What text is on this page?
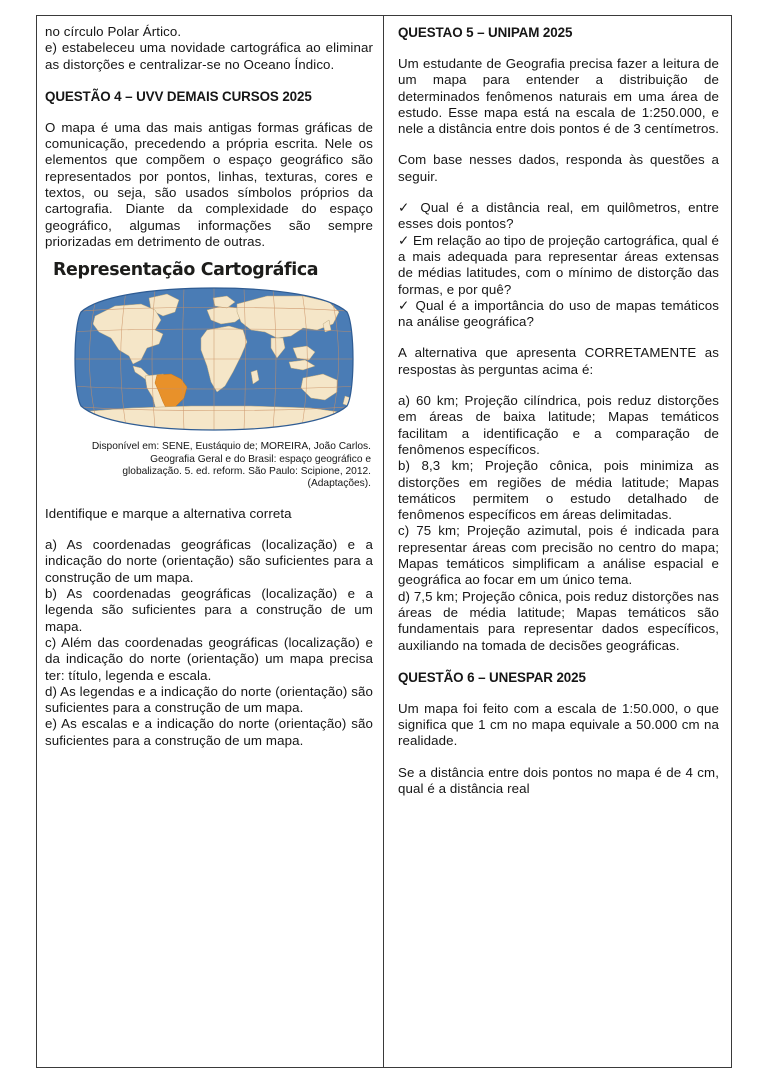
no círculo Polar Ártico.

e) estabeleceu uma novidade cartográfica ao eliminar as distorções e centralizar-se no Oceano Índico.

QUESTÃO 4 – UVV DEMAIS CURSOS 2025

O mapa é uma das mais antigas formas gráficas de comunicação, precedendo a própria escrita. Nele os elementos que compõem o espaço geográfico são representados por pontos, linhas, texturas, cores e textos, ou seja, são usados símbolos próprios da cartografia. Diante da complexidade do espaço geográfico, algumas informações são sempre priorizadas em detrimento de outras.

Representação Cartográfica
Disponível em: SENE, Eustáquio de; MOREIRA, João Carlos.
Geografia Geral e do Brasil: espaço geográfico e
globalização. 5. ed. reform. São Paulo: Scipione, 2012.
(Adaptações).

Identifique e marque a alternativa correta

a) As coordenadas geográficas (localização) e a indicação do norte (orientação) são suficientes para a construção de um mapa.

b) As coordenadas geográficas (localização) e a legenda são suficientes para a construção de um mapa.

c) Além das coordenadas geográficas (localização) e da indicação do norte (orientação) um mapa precisa ter: título, legenda e escala.

d) As legendas e a indicação do norte (orientação) são suficientes para a construção de um mapa.

e) As escalas e a indicação do norte (orientação) são suficientes para a construção de um mapa.

QUESTAO 5 – UNIPAM 2025

Um estudante de Geografia precisa fazer a leitura de um mapa para entender a distribuição de determinados fenômenos naturais em uma área de estudo. Esse mapa está na escala de 1:250.000, e nele a distância entre dois pontos é de 3 centímetros.

Com base nesses dados, responda às questões a seguir.

✓ Qual é a distância real, em quilômetros, entre esses dois pontos?

✓ Em relação ao tipo de projeção cartográfica, qual é a mais adequada para representar áreas extensas de médias latitudes, com o mínimo de distorção das formas, e por quê?

✓ Qual é a importância do uso de mapas temáticos na análise geográfica?

A alternativa que apresenta CORRETAMENTE as respostas às perguntas acima é:

a) 60 km; Projeção cilíndrica, pois reduz distorções em áreas de baixa latitude; Mapas temáticos facilitam a identificação e a comparação de fenômenos específicos.

b) 8,3 km; Projeção cônica, pois minimiza as distorções em regiões de média latitude; Mapas temáticos permitem o estudo detalhado de fenômenos específicos em áreas delimitadas.

c) 75 km; Projeção azimutal, pois é indicada para representar áreas com precisão no centro do mapa; Mapas temáticos simplificam a análise espacial e geográfica ao focar em um único tema.

d) 7,5 km; Projeção cônica, pois reduz distorções nas áreas de média latitude; Mapas temáticos são fundamentais para representar dados específicos, auxiliando na tomada de decisões geográficas.

QUESTÃO 6 – UNESPAR 2025

Um mapa foi feito com a escala de 1:50.000, o que significa que 1 cm no mapa equivale a 50.000 cm na realidade.

Se a distância entre dois pontos no mapa é de 4 cm, qual é a distância real
